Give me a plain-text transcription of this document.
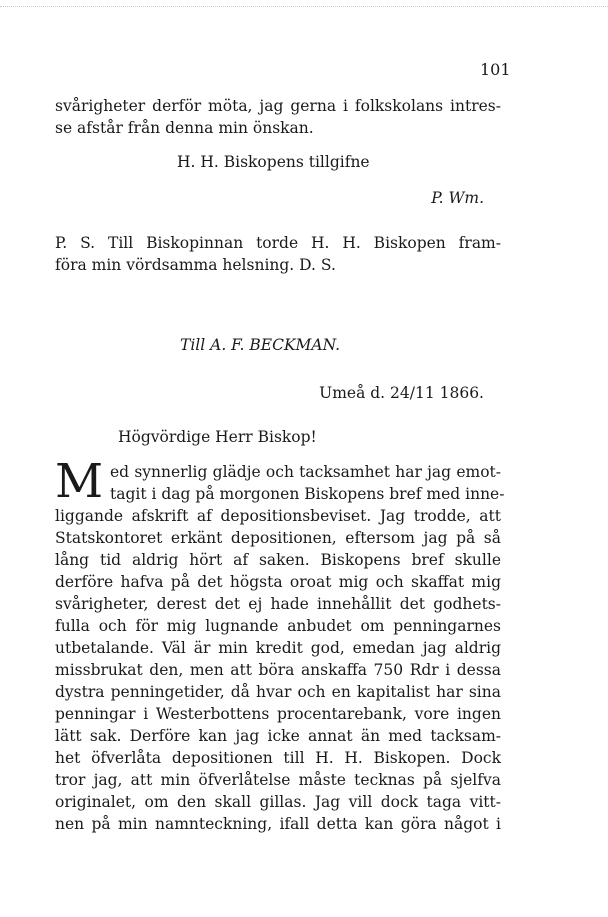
101
svårigheter derför möta, jag gerna i folkskolans intres-
se afstår från denna min önskan.
H. H. Biskopens tillgifne
P. Wm.
P. S. Till Biskopinnan torde H. H. Biskopen fram-
föra min vördsamma helsning. D. S.
Till A. F. BECKMAN.
Umeå d. 24/11 1866.
Högvördige Herr Biskop!
M ed synnerlig glädje och tacksamhet har jag emot-
tagit i dag på morgonen Biskopens bref med inne-
liggande afskrift af depositionsbeviset. Jag trodde, att
Statskontoret erkänt depositionen, eftersom jag på så
lång tid aldrig hört af saken. Biskopens bref skulle
derföre hafva på det högsta oroat mig och skaffat mig
svårigheter, derest det ej hade innehållit det godhets-
fulla och för mig lugnande anbudet om penningarnes
utbetalande. Väl är min kredit god, emedan jag aldrig
missbrukat den, men att böra anskaffa 750 Rdr i dessa
dystra penningetider, då hvar och en kapitalist har sina
penningar i Westerbottens procentarebank, vore ingen
lätt sak. Derföre kan jag icke annat än med tacksam-
het öfverlåta depositionen till H. H. Biskopen. Dock
tror jag, att min öfverlåtelse måste tecknas på sjelfva
originalet, om den skall gillas. Jag vill dock taga vitt-
nen på min namnteckning, ifall detta kan göra något i
